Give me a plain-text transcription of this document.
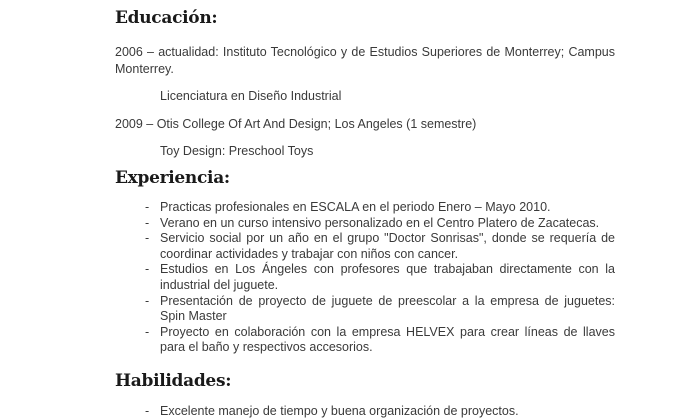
Educación:

2006 – actualidad: Instituto Tecnológico y de Estudios Superiores de Monterrey; Campus Monterrey.

Licenciatura en Diseño Industrial

2009 – Otis College Of Art And Design; Los Angeles (1 semestre)

Toy Design: Preschool Toys

Experiencia:
- Practicas profesionales en ESCALA en el periodo Enero – Mayo 2010.
- Verano en un curso intensivo personalizado en el Centro Platero de Zacatecas.
- Servicio social por un año en el grupo "Doctor Sonrisas", donde se requería de coordinar actividades y trabajar con niños con cancer.
- Estudios en Los Ángeles con profesores que trabajaban directamente con la industrial del juguete.
- Presentación de proyecto de juguete de preescolar a la empresa de juguetes: Spin Master
- Proyecto en colaboración con la empresa HELVEX para crear líneas de llaves para el baño y respectivos accesorios.
Habilidades:
- Excelente manejo de tiempo y buena organización de proyectos.
